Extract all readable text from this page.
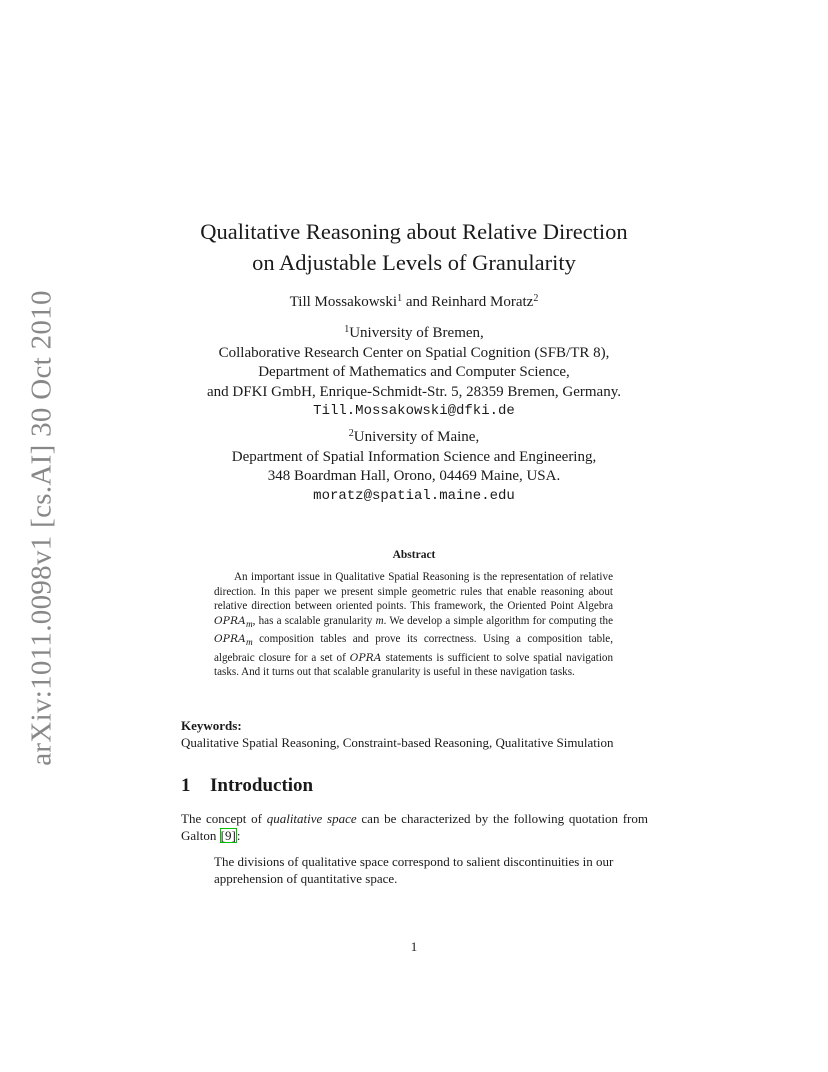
arXiv:1011.0098v1 [cs.AI] 30 Oct 2010
Qualitative Reasoning about Relative Direction
on Adjustable Levels of Granularity
Till Mossakowski$^1$ and Reinhard Moratz$^2$
$^1$University of Bremen,
Collaborative Research Center on Spatial Cognition (SFB/TR 8),
Department of Mathematics and Computer Science,
and DFKI GmbH, Enrique-Schmidt-Str. 5, 28359 Bremen, Germany.
Till.Mossakowski@dfki.de
$^2$University of Maine,
Department of Spatial Information Science and Engineering,
348 Boardman Hall, Orono, 04469 Maine, USA.
moratz@spatial.maine.edu
Abstract

An important issue in Qualitative Spatial Reasoning is the representation of relative direction. In this paper we present simple geometric rules that enable reasoning about relative direction between oriented points. This framework, the Oriented Point Algebra $OPRA_m$, has a scalable granularity m. We develop a simple algorithm for computing the $OPRA_m$ composition tables and prove its correctness. Using a composition table, algebraic closure for a set of OPRA statements is sufficient to solve spatial navigation tasks. And it turns out that scalable granularity is useful in these navigation tasks.

Keywords:
Qualitative Spatial Reasoning, Constraint-based Reasoning, Qualitative Simulation
1 Introduction

The concept of qualitative space can be characterized by the following quotation from Galton [9]:

The divisions of qualitative space correspond to salient discontinuities in our apprehension of quantitative space.

1
